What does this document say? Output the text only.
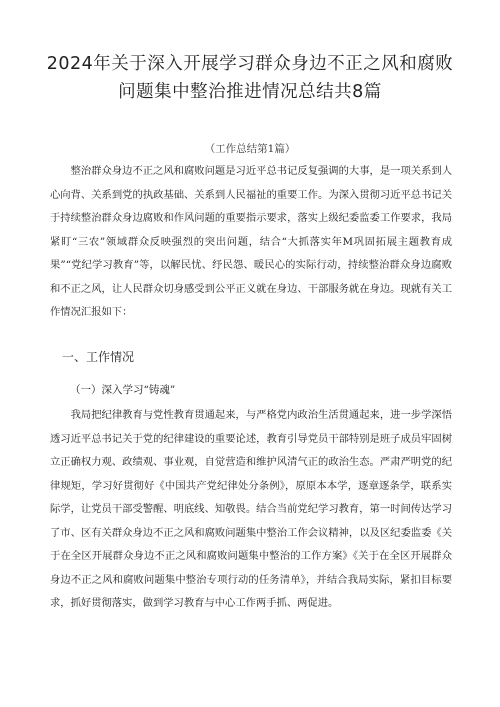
2024年关于深入开展学习群众身边不正之风和腐败
问题集中整治推进情况总结共8篇
（工作总结第1篇）

整治群众身边不正之风和腐败问题是习近平总书记反复强调的大事，是一项关系到人心向背、关系到党的执政基础、关系到人民福祉的重要工作。为深入贯彻习近平总书记关于持续整治群众身边腐败和作风问题的重要指示要求，落实上级纪委监委工作要求，我局紧盯“三农”领域群众反映强烈的突出问题，结合“大抓落实年M巩固拓展主题教育成果”“党纪学习教育”等，以解民忧、纾民怨、暖民心的实际行动，持续整治群众身边腐败和不正之风，让人民群众切身感受到公平正义就在身边、干部服务就在身边。现就有关工作情况汇报如下：

一、工作情况
（一）深入学习“铸魂”

我局把纪律教育与党性教育贯通起来，与严格党内政治生活贯通起来，进一步学深悟透习近平总书记关于党的纪律建设的重要论述，教育引导党员干部特别是班子成员牢固树立正确权力观、政绩观、事业观，自觉营造和维护风清气正的政治生态。严肃严明党的纪律规矩，学习好贯彻好《中国共产党纪律处分条例》，原原本本学，逐章逐条学，联系实际学，让党员干部受警醒、明底线、知敬畏。结合当前党纪学习教育，第一时间传达学习了市、区有关群众身边不正之风和腐败问题集中整治工作会议精神，以及区纪委监委《关于在全区开展群众身边不正之风和腐败问题集中整治的工作方案》《关于在全区开展群众身边不正之风和腐败问题集中整治专项行动的任务清单》，并结合我局实际，紧扣目标要求，抓好贯彻落实，做到学习教育与中心工作两手抓、两促进。
